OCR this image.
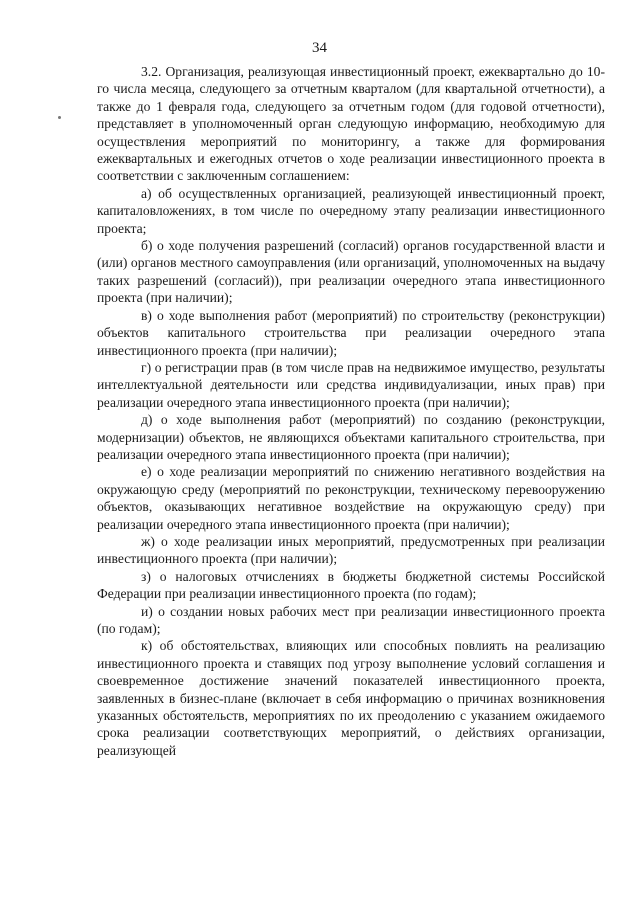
34

3.2. Организация, реализующая инвестиционный проект, ежеквартально до 10-го числа месяца, следующего за отчетным кварталом (для квартальной отчетности), а также до 1 февраля года, следующего за отчетным годом (для годовой отчетности), представляет в уполномоченный орган следующую информацию, необходимую для осуществления мероприятий по мониторингу, а также для формирования ежеквартальных и ежегодных отчетов о ходе реализации инвестиционного проекта в соответствии с заключенным соглашением:

а) об осуществленных организацией, реализующей инвестиционный проект, капиталовложениях, в том числе по очередному этапу реализации инвестиционного проекта;

б) о ходе получения разрешений (согласий) органов государственной власти и (или) органов местного самоуправления (или организаций, уполномоченных на выдачу таких разрешений (согласий)), при реализации очередного этапа инвестиционного проекта (при наличии);

в) о ходе выполнения работ (мероприятий) по строительству (реконструкции) объектов капитального строительства при реализации очередного этапа инвестиционного проекта (при наличии);

г) о регистрации прав (в том числе прав на недвижимое имущество, результаты интеллектуальной деятельности или средства индивидуализации, иных прав) при реализации очередного этапа инвестиционного проекта (при наличии);

д) о ходе выполнения работ (мероприятий) по созданию (реконструкции, модернизации) объектов, не являющихся объектами капитального строительства, при реализации очередного этапа инвестиционного проекта (при наличии);

е) о ходе реализации мероприятий по снижению негативного воздействия на окружающую среду (мероприятий по реконструкции, техническому перевооружению объектов, оказывающих негативное воздействие на окружающую среду) при реализации очередного этапа инвестиционного проекта (при наличии);

ж) о ходе реализации иных мероприятий, предусмотренных при реализации инвестиционного проекта (при наличии);

з) о налоговых отчислениях в бюджеты бюджетной системы Российской Федерации при реализации инвестиционного проекта (по годам);

и) о создании новых рабочих мест при реализации инвестиционного проекта (по годам);

к) об обстоятельствах, влияющих или способных повлиять на реализацию инвестиционного проекта и ставящих под угрозу выполнение условий соглашения и своевременное достижение значений показателей инвестиционного проекта, заявленных в бизнес-плане (включает в себя информацию о причинах возникновения указанных обстоятельств, мероприятиях по их преодолению с указанием ожидаемого срока реализации соответствующих мероприятий, о действиях организации, реализующей
